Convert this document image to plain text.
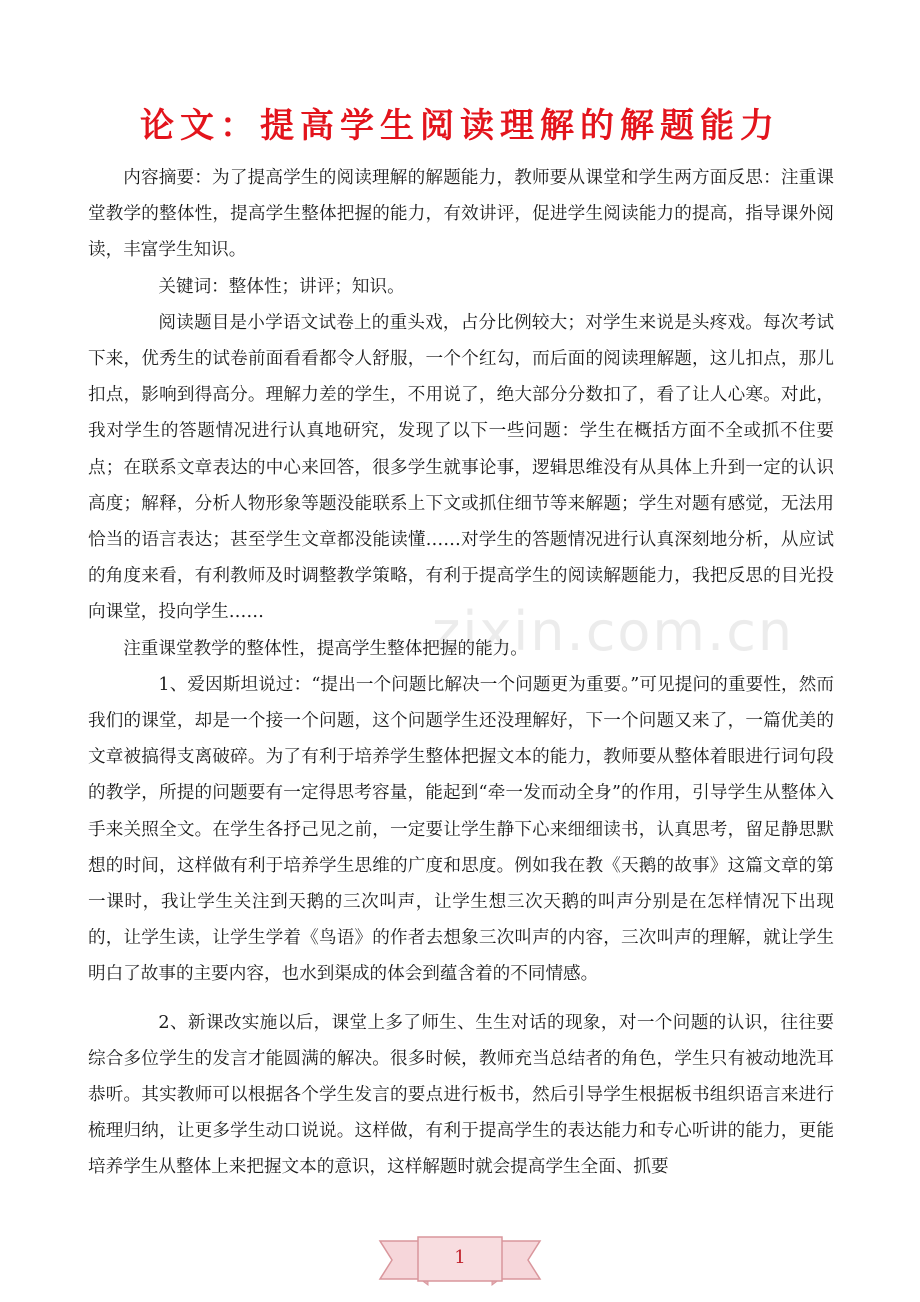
论文：提高学生阅读理解的解题能力

内容摘要：为了提高学生的阅读理解的解题能力，教师要从课堂和学生两方面反思：注重课堂教学的整体性，提高学生整体把握的能力，有效讲评，促进学生阅读能力的提高，指导课外阅读，丰富学生知识。

关键词：整体性；讲评；知识。

阅读题目是小学语文试卷上的重头戏，占分比例较大；对学生来说是头疼戏。每次考试下来，优秀生的试卷前面看看都令人舒服，一个个红勾，而后面的阅读理解题，这儿扣点，那儿扣点，影响到得高分。理解力差的学生，不用说了，绝大部分分数扣了，看了让人心寒。对此，我对学生的答题情况进行认真地研究，发现了以下一些问题：学生在概括方面不全或抓不住要点；在联系文章表达的中心来回答，很多学生就事论事，逻辑思维没有从具体上升到一定的认识高度；解释，分析人物形象等题没能联系上下文或抓住细节等来解题；学生对题有感觉，无法用恰当的语言表达；甚至学生文章都没能读懂……对学生的答题情况进行认真深刻地分析，从应试的角度来看，有利教师及时调整教学策略，有利于提高学生的阅读解题能力，我把反思的目光投向课堂，投向学生……

注重课堂教学的整体性，提高学生整体把握的能力。

1、爱因斯坦说过：“提出一个问题比解决一个问题更为重要。”可见提问的重要性，然而我们的课堂，却是一个接一个问题，这个问题学生还没理解好，下一个问题又来了，一篇优美的文章被搞得支离破碎。为了有利于培养学生整体把握文本的能力，教师要从整体着眼进行词句段的教学，所提的问题要有一定得思考容量，能起到“牵一发而动全身”的作用，引导学生从整体入手来关照全文。在学生各抒己见之前，一定要让学生静下心来细细读书，认真思考，留足静思默想的时间，这样做有利于培养学生思维的广度和思度。例如我在教《天鹅的故事》这篇文章的第一课时，我让学生关注到天鹅的三次叫声，让学生想三次天鹅的叫声分别是在怎样情况下出现的，让学生读，让学生学着《鸟语》的作者去想象三次叫声的内容，三次叫声的理解，就让学生明白了故事的主要内容，也水到渠成的体会到蕴含着的不同情感。

2、新课改实施以后，课堂上多了师生、生生对话的现象，对一个问题的认识，往往要综合多位学生的发言才能圆满的解决。很多时候，教师充当总结者的角色，学生只有被动地洗耳恭听。其实教师可以根据各个学生发言的要点进行板书，然后引导学生根据板书组织语言来进行梳理归纳，让更多学生动口说说。这样做，有利于提高学生的表达能力和专心听讲的能力，更能培养学生从整体上来把握文本的意识，这样解题时就会提高学生全面、抓要

zixin.com.cn
1
